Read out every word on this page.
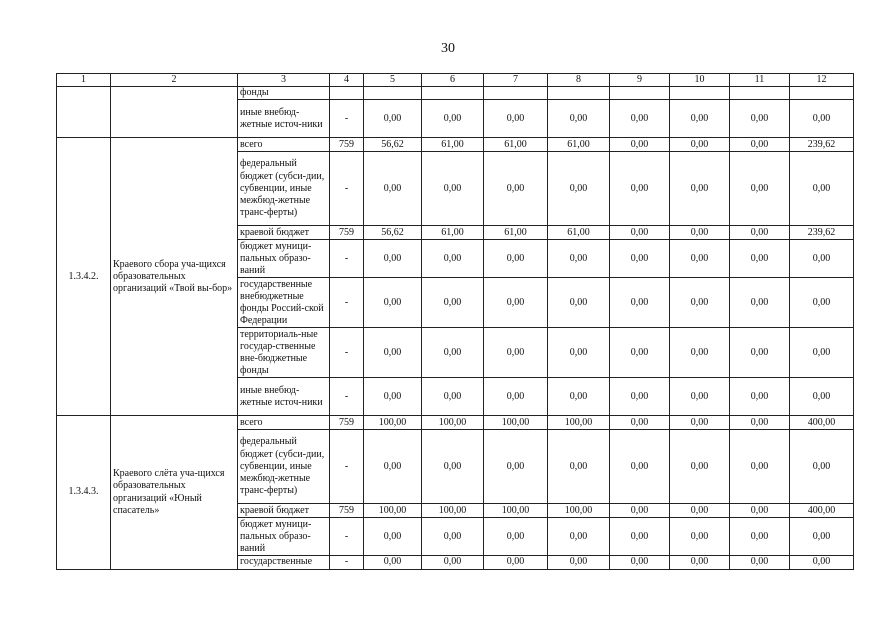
30
1	2	3	4	5	6	7	8	9	10	11	12
		фонды									
		иные внебюд-жетные источ-ники	-	0,00	0,00	0,00	0,00	0,00	0,00	0,00	0,00
1.3.4.2.	Краевого сбора уча-щихся образовательных организаций «Твой вы-бор»	всего	759	56,62	61,00	61,00	61,00	0,00	0,00	0,00	239,62
		федеральный бюджет (субси-дии, субвенции, иные межбюд-жетные транс-ферты)	-	0,00	0,00	0,00	0,00	0,00	0,00	0,00	0,00
		краевой бюджет	759	56,62	61,00	61,00	61,00	0,00	0,00	0,00	239,62
		бюджет муници-пальных образо-ваний	-	0,00	0,00	0,00	0,00	0,00	0,00	0,00	0,00
		государственные внебюджетные фонды Россий-ской Федерации	-	0,00	0,00	0,00	0,00	0,00	0,00	0,00	0,00
		территориаль-ные государ-ственные вне-бюджетные фонды	-	0,00	0,00	0,00	0,00	0,00	0,00	0,00	0,00
		иные внебюд-жетные источ-ники	-	0,00	0,00	0,00	0,00	0,00	0,00	0,00	0,00
1.3.4.3.	Краевого слёта уча-щихся образовательных организаций «Юный спасатель»	всего	759	100,00	100,00	100,00	100,00	0,00	0,00	0,00	400,00
		федеральный бюджет (субси-дии, субвенции, иные межбюд-жетные транс-ферты)	-	0,00	0,00	0,00	0,00	0,00	0,00	0,00	0,00
		краевой бюджет	759	100,00	100,00	100,00	100,00	0,00	0,00	0,00	400,00
		бюджет муници-пальных образо-ваний	-	0,00	0,00	0,00	0,00	0,00	0,00	0,00	0,00
		государственные	-	0,00	0,00	0,00	0,00	0,00	0,00	0,00	0,00
